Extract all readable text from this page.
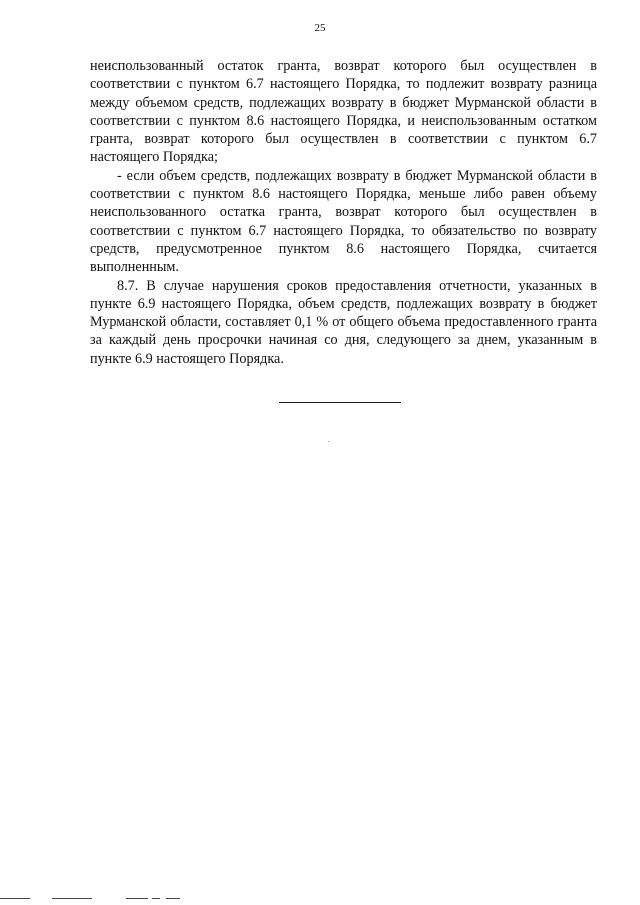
25

неиспользованный остаток гранта, возврат которого был осуществлен в соответствии с пунктом 6.7 настоящего Порядка, то подлежит возврату разница между объемом средств, подлежащих возврату в бюджет Мурманской области в соответствии с пунктом 8.6 настоящего Порядка, и неиспользованным остатком гранта, возврат которого был осуществлен в соответствии с пунктом 6.7 настоящего Порядка;

- если объем средств, подлежащих возврату в бюджет Мурманской области в соответствии с пунктом 8.6 настоящего Порядка, меньше либо равен объему неиспользованного остатка гранта, возврат которого был осуществлен в соответствии с пунктом 6.7 настоящего Порядка, то обязательство по возврату средств, предусмотренное пунктом 8.6 настоящего Порядка, считается выполненным.

8.7. В случае нарушения сроков предоставления отчетности, указанных в пункте 6.9 настоящего Порядка, объем средств, подлежащих возврату в бюджет Мурманской области, составляет 0,1 % от общего объема предоставленного гранта за каждый день просрочки начиная со дня, следующего за днем, указанным в пункте 6.9 настоящего Порядка.
